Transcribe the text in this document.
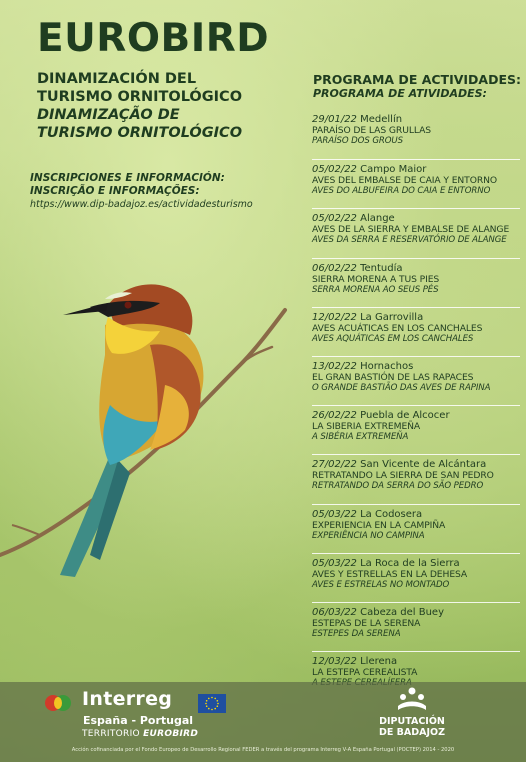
EUROBIRD
DINAMIZACIÓN DEL
TURISMO ORNITOLÓGICO
DINAMIZAÇÃO DE
TURISMO ORNITOLÓGICO
INSCRIPCIONES E INFORMACIÓN:
INSCRIÇÃO E INFORMAÇÕES:
https://www.dip-badajoz.es/actividadesturismo
PROGRAMA DE ACTIVIDADES:
PROGRAMA DE ATIVIDADES:
29/01/22 Medellín
PARAÍSO DE LAS GRULLAS
PARAÍSO DOS GROUS
05/02/22 Campo Maior
AVES DEL EMBALSE DE CAIA Y ENTORNO
AVES DO ALBUFEIRA DO CAIA E ENTORNO
05/02/22 Alange
AVES DE LA SIERRA Y EMBALSE DE ALANGE
AVES DA SERRA E RESERVATÓRIO DE ALANGE
06/02/22 Tentudía
SIERRA MORENA A TUS PIES
SERRA MORENA AO SEUS PÉS
12/02/22 La Garrovilla
AVES ACUÁTICAS EN LOS CANCHALES
AVES AQUÁTICAS EM LOS CANCHALES
13/02/22 Hornachos
EL GRAN BASTIÓN DE LAS RAPACES
O GRANDE BASTIÃO DAS AVES DE RAPINA
26/02/22 Puebla de Alcocer
LA SIBERIA EXTREMEÑA
A SIBÉRIA EXTREMEÑA
27/02/22 San Vicente de Alcántara
RETRATANDO LA SIERRA DE SAN PEDRO
RETRATANDO DA SERRA DO SÃO PEDRO
05/03/22 La Codosera
EXPERIENCIA EN LA CAMPIÑA
EXPERIÊNCIA NO CAMPINA
05/03/22 La Roca de la Sierra
AVES Y ESTRELLAS EN LA DEHESA
AVES E ESTRELAS NO MONTADO
06/03/22 Cabeza del Buey
ESTEPAS DE LA SERENA
ESTEPES DA SERENA
12/03/22 Llerena
LA ESTEPA CEREALISTA
Interreg
España - Portugal
TERRITORIO EUROBIRD
DIPUTACIÓN
DE BADAJOZ
Acción cofinanciada por el Fondo Europeo de Desarrollo Regional FEDER a través del programa Interreg V-A España Portugal (POCTEP) 2014 - 2020
